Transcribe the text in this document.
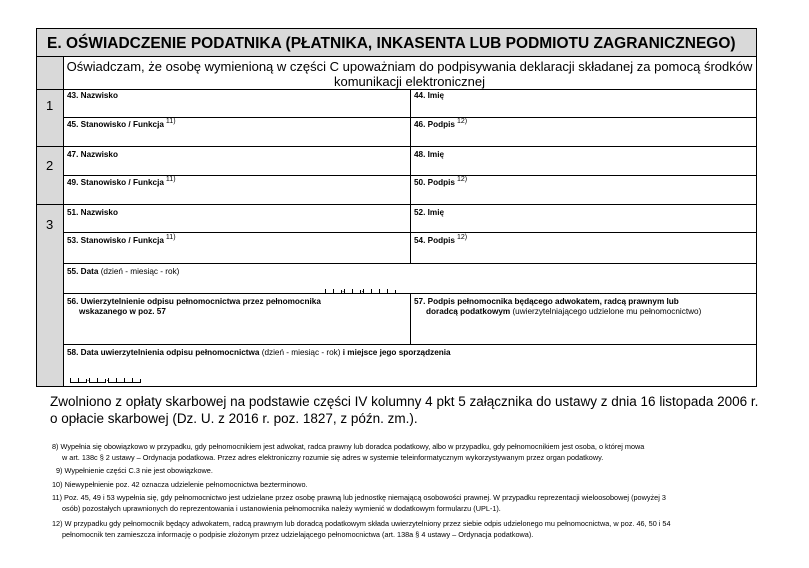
E. OŚWIADCZENIE PODATNIKA (PŁATNIKA, INKASENTA LUB PODMIOTU ZAGRANICZNEGO)
Oświadczam, że osobę wymienioną w części C upoważniam do podpisywania deklaracji składanej za pomocą środków komunikacji elektronicznej
1
43. Nazwisko	44. Imię
45. Stanowisko / Funkcja 11)	46. Podpis 12)
2
47. Nazwisko	48. Imię
49. Stanowisko / Funkcja 11)	50. Podpis 12)
3
51. Nazwisko	52. Imię
53. Stanowisko / Funkcja 11)	54. Podpis 12)
55. Data (dzień - miesiąc - rok)
. .
56. Uwierzytelnienie odpisu pełnomocnictwa przez pełnomocnika
wskazanego w poz. 57
57. Podpis pełnomocnika będącego adwokatem, radcą prawnym lub
doradcą podatkowym (uwierzytelniającego udzielone mu pełnomocnictwo)
58. Data uwierzytelnienia odpisu pełnomocnictwa (dzień - miesiąc - rok) i miejsce jego sporządzenia
. .
Zwolniono z opłaty skarbowej na podstawie części IV kolumny 4 pkt 5 załącznika do ustawy z dnia 16 listopada 2006 r.
o opłacie skarbowej (Dz. U. z 2016 r. poz. 1827, z późn. zm.).
8) Wypełnia się obowiązkowo w przypadku, gdy pełnomocnikiem jest adwokat, radca prawny lub doradca podatkowy, albo w przypadku, gdy pełnomocnikiem jest osoba, o której mowa
w art. 138c § 2 ustawy – Ordynacja podatkowa. Przez adres elektroniczny rozumie się adres w systemie teleinformatycznym wykorzystywanym przez organ podatkowy.
9) Wypełnienie części C.3 nie jest obowiązkowe.
10) Niewypełnienie poz. 42 oznacza udzielenie pełnomocnictwa bezterminowo.
11) Poz. 45, 49 i 53 wypełnia się, gdy pełnomocnictwo jest udzielane przez osobę prawną lub jednostkę niemającą osobowości prawnej. W przypadku reprezentacji wieloosobowej (powyżej 3
osób) pozostałych uprawnionych do reprezentowania i ustanowienia pełnomocnika należy wymienić w dodatkowym formularzu (UPL-1).
12) W przypadku gdy pełnomocnik będący adwokatem, radcą prawnym lub doradcą podatkowym składa uwierzytelniony przez siebie odpis udzielonego mu pełnomocnictwa, w poz. 46, 50 i 54
pełnomocnik ten zamieszcza informację o podpisie złożonym przez udzielającego pełnomocnictwa (art. 138a § 4 ustawy – Ordynacja podatkowa).
